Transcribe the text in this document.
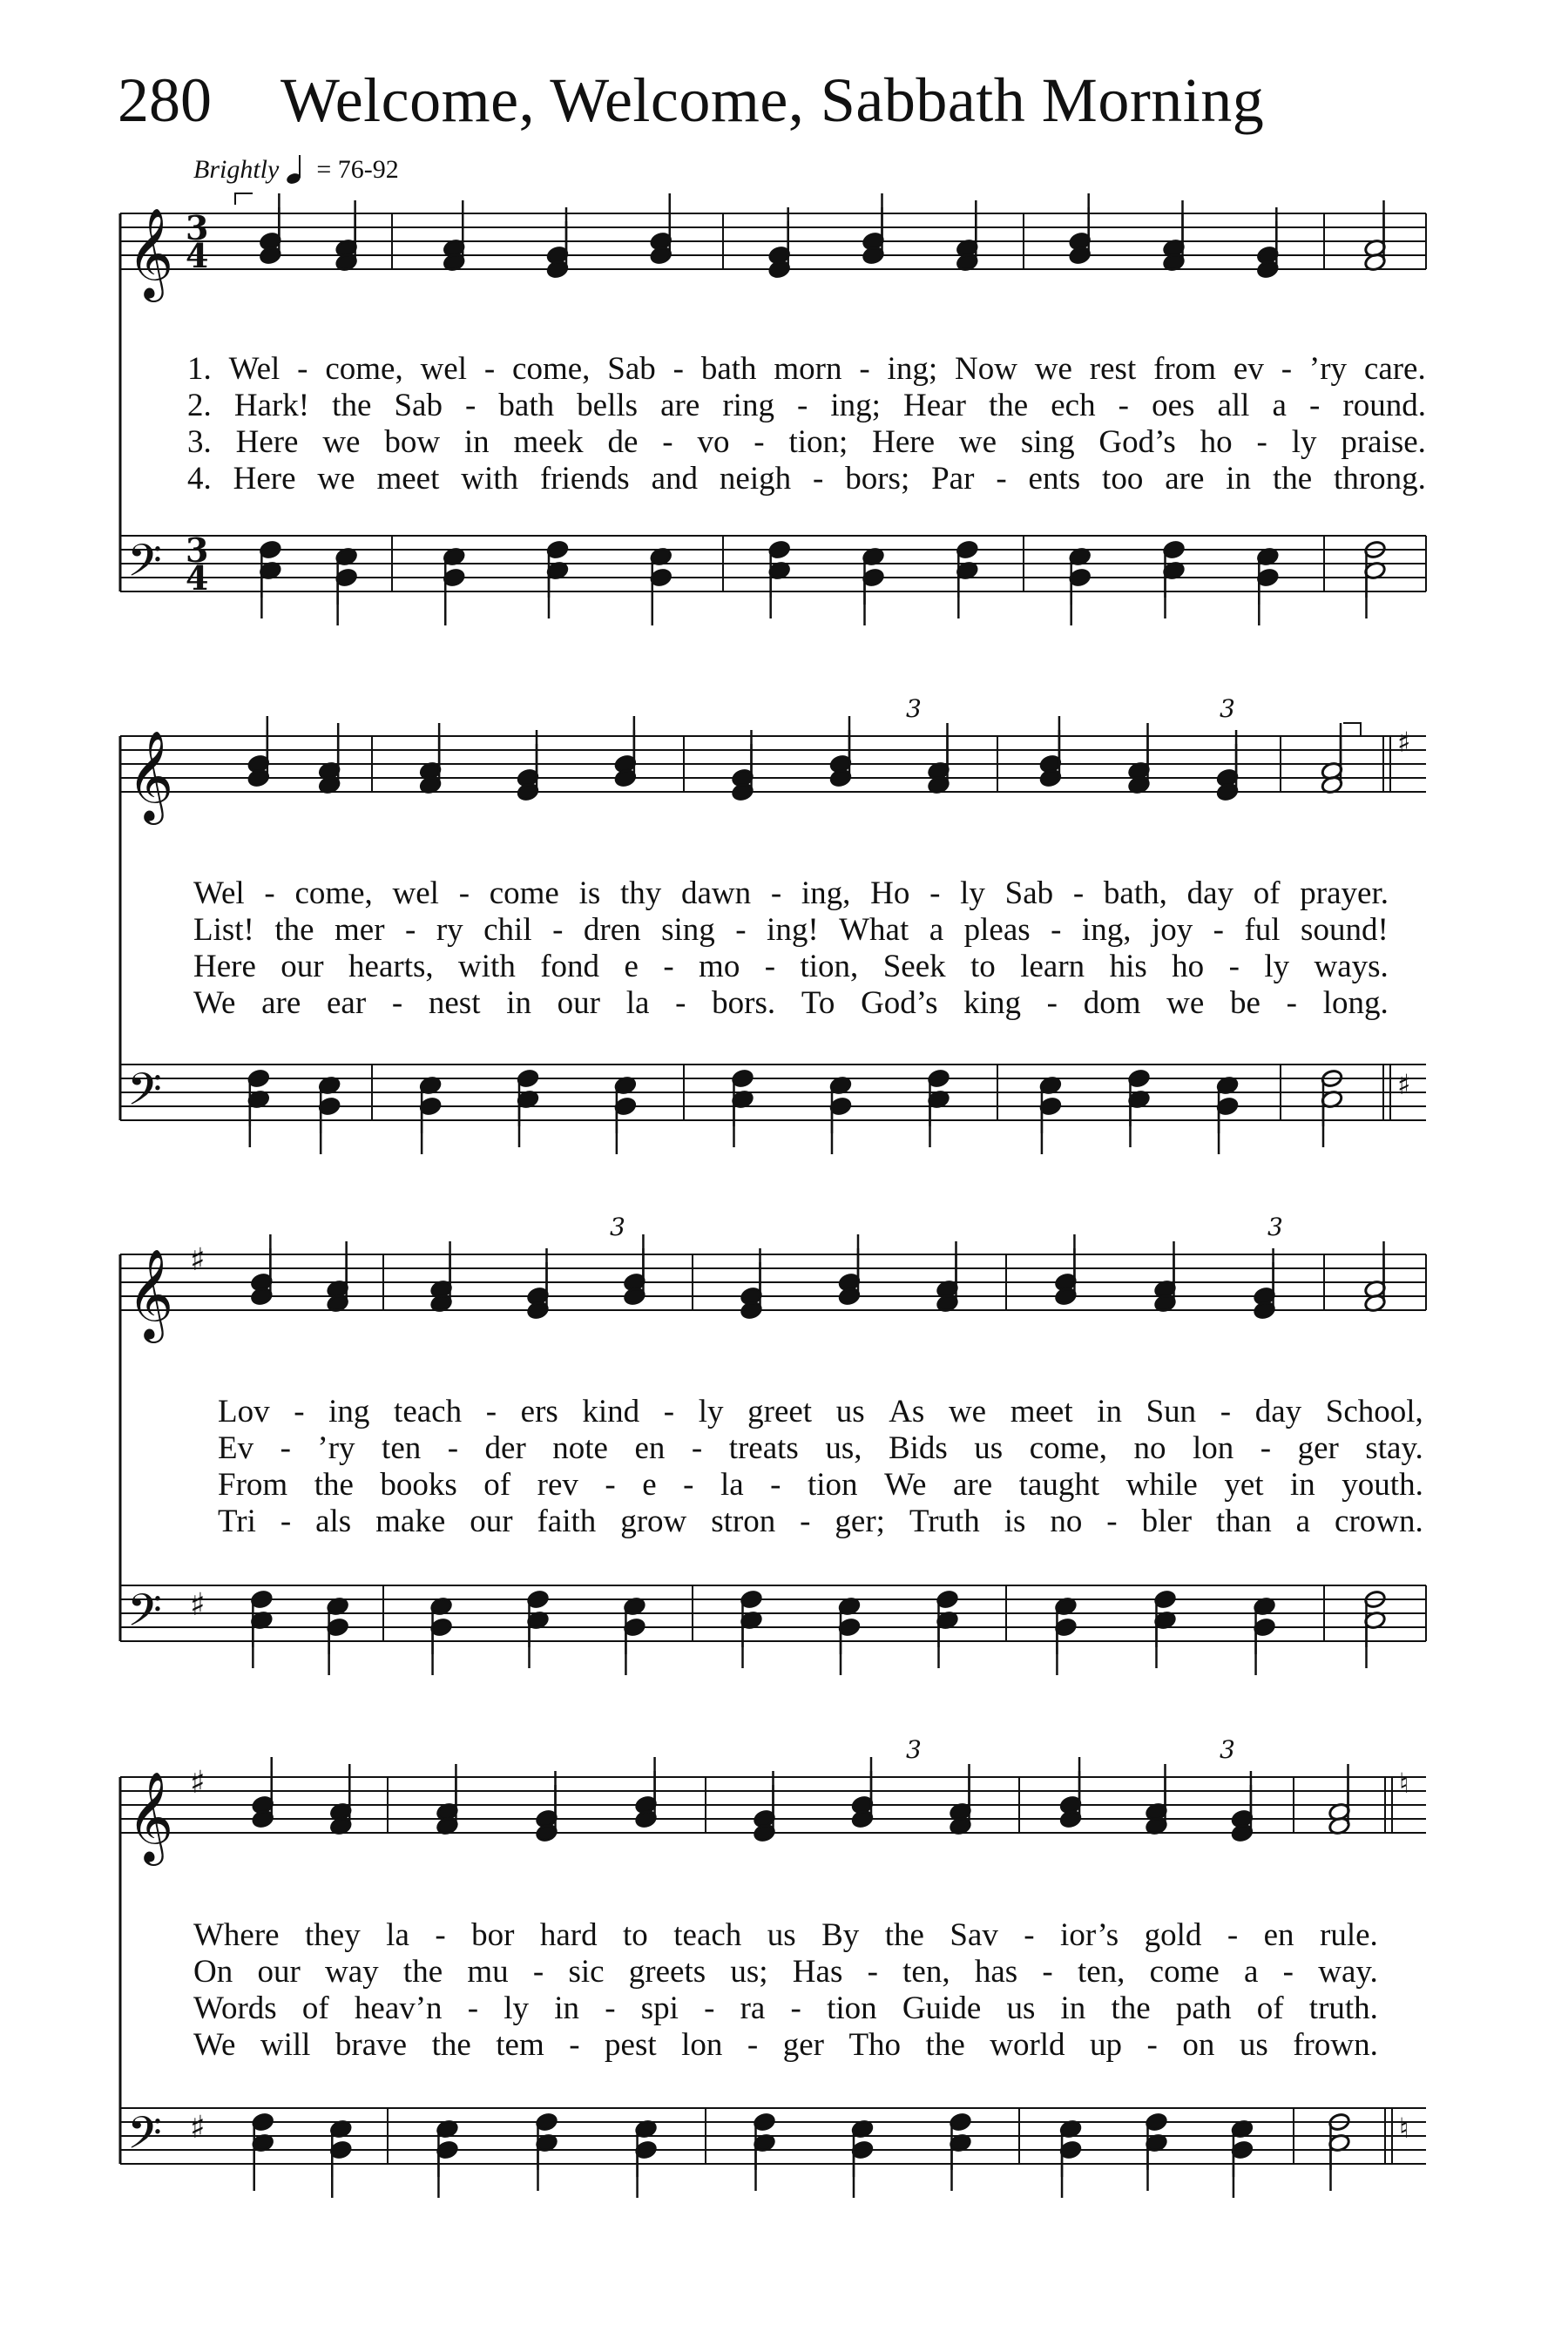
280 Welcome, Welcome, Sabbath Morning
Brightly = 76-92
𝄞
𝄢
3
4
3
4
𝄞
𝄢
♯
♯
3	3
𝄞
𝄢
♯
♯
3	3
𝄞
𝄢
♯
♯
♮
♮
3	3
1. Wel - come, wel - come, Sab - bath morn - ing; Now we rest from ev - ’ry care.
2. Hark! the Sab - bath bells are ring - ing; Hear the ech - oes all a - round.
3. Here we bow in meek de - vo - tion; Here we sing God’s ho - ly praise.
4. Here we meet with friends and neigh - bors; Par - ents too are in the throng.
Wel - come, wel - come is thy dawn - ing, Ho - ly Sab - bath, day of prayer.
List! the mer - ry chil - dren sing - ing! What a pleas - ing, joy - ful sound!
Here our hearts, with fond e - mo - tion, Seek to learn his ho - ly ways.
We are ear - nest in our la - bors. To God’s king - dom we be - long.
Lov - ing teach - ers kind - ly greet us As we meet in Sun - day School,
Ev - ’ry ten - der note en - treats us, Bids us come, no lon - ger stay.
From the books of rev - e - la - tion We are taught while yet in youth.
Tri - als make our faith grow stron - ger; Truth is no - bler than a crown.
Where they la - bor hard to teach us By the Sav - ior’s gold - en rule.
On our way the mu - sic greets us; Has - ten, has - ten, come a - way.
Words of heav’n - ly in - spi - ra - tion Guide us in the path of truth.
We will brave the tem - pest lon - ger Tho the world up - on us frown.
